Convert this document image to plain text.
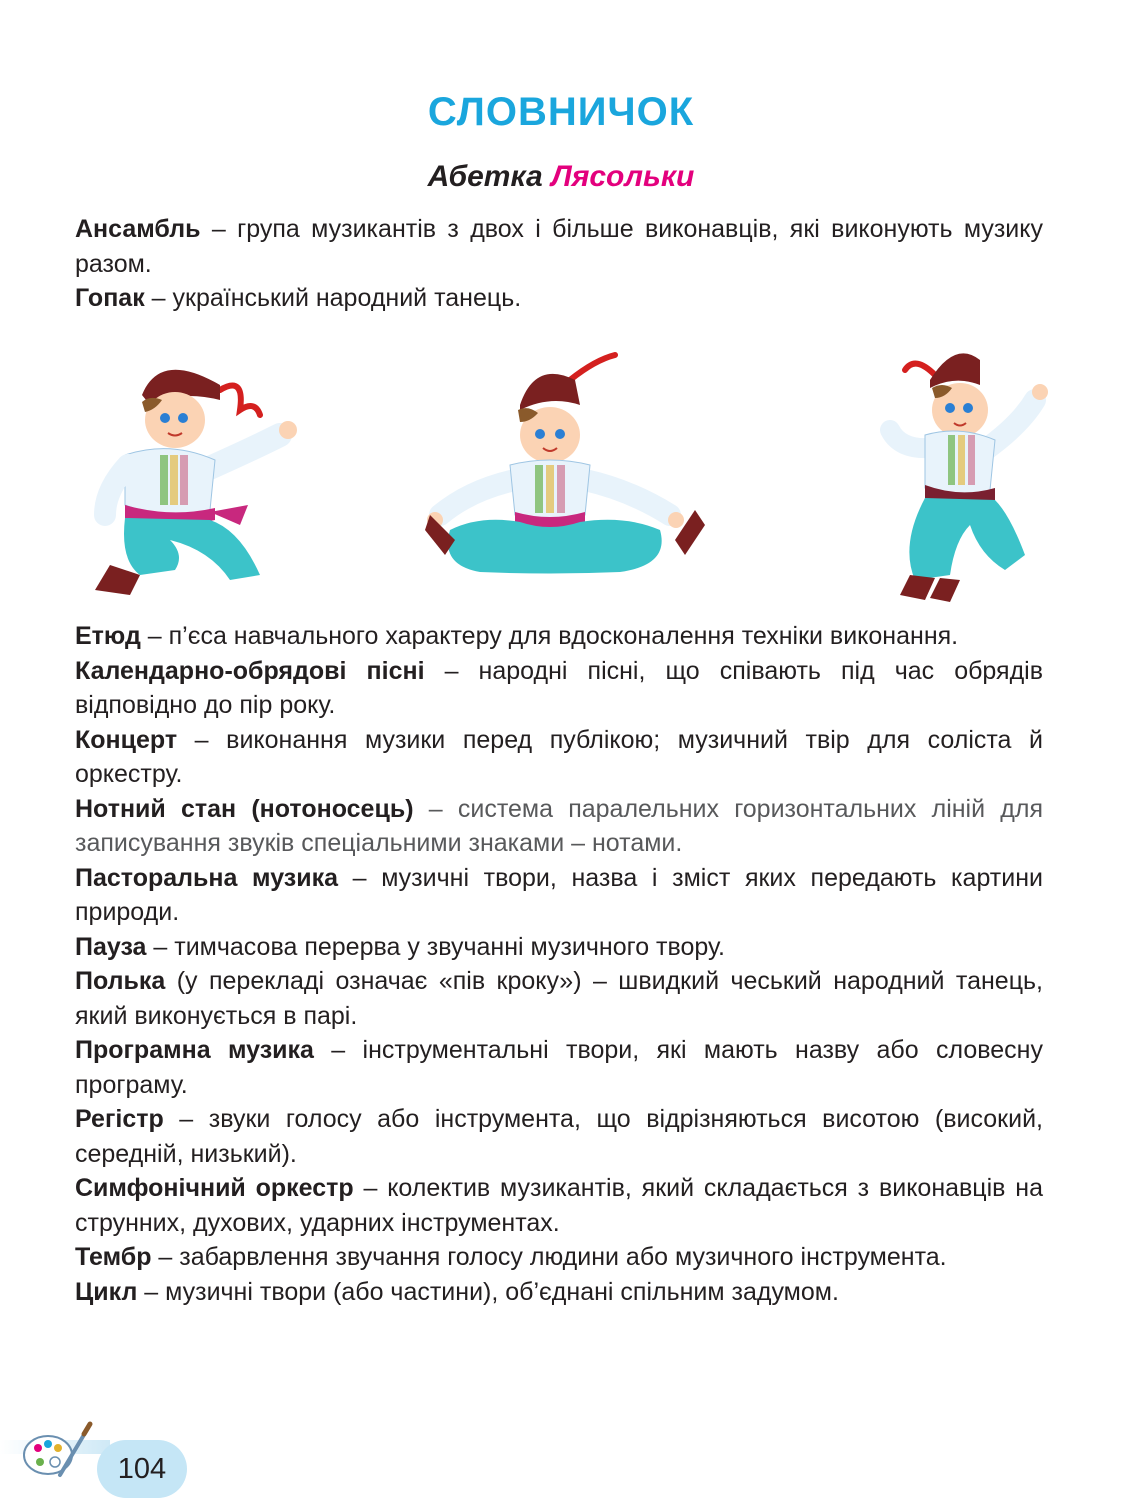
СЛОВНИЧОК
Абетка Лясольки

Ансамбль – група музикантів з двох і більше виконавців, які виконують музику разом.

Гопак – український народний танець.

Етюд – п’єса навчального характеру для вдосконалення техніки виконання.

Календарно-обрядові пісні – народні пісні, що співають під час обрядів відповідно до пір року.

Концерт – виконання музики перед публікою; музичний твір для соліста й оркестру.

Нотний стан (нотоносець) – система паралельних горизонтальних ліній для записування звуків спеціальними знаками – нотами.

Пасторальна музика – музичні твори, назва і зміст яких передають картини природи.

Пауза – тимчасова перерва у звучанні музичного твору.

Полька (у перекладі означає «пів кроку») – швидкий чеський народний танець, який виконується в парі.

Програмна музика – інструментальні твори, які мають назву або словесну програму.

Регістр – звуки голосу або інструмента, що відрізняються висотою (високий, середній, низький).

Симфонічний оркестр – колектив музикантів, який складається з виконавців на струнних, духових, ударних інструментах.

Тембр – забарвлення звучання голосу людини або музичного інструмента.

Цикл – музичні твори (або частини), об’єднані спільним задумом.

104
